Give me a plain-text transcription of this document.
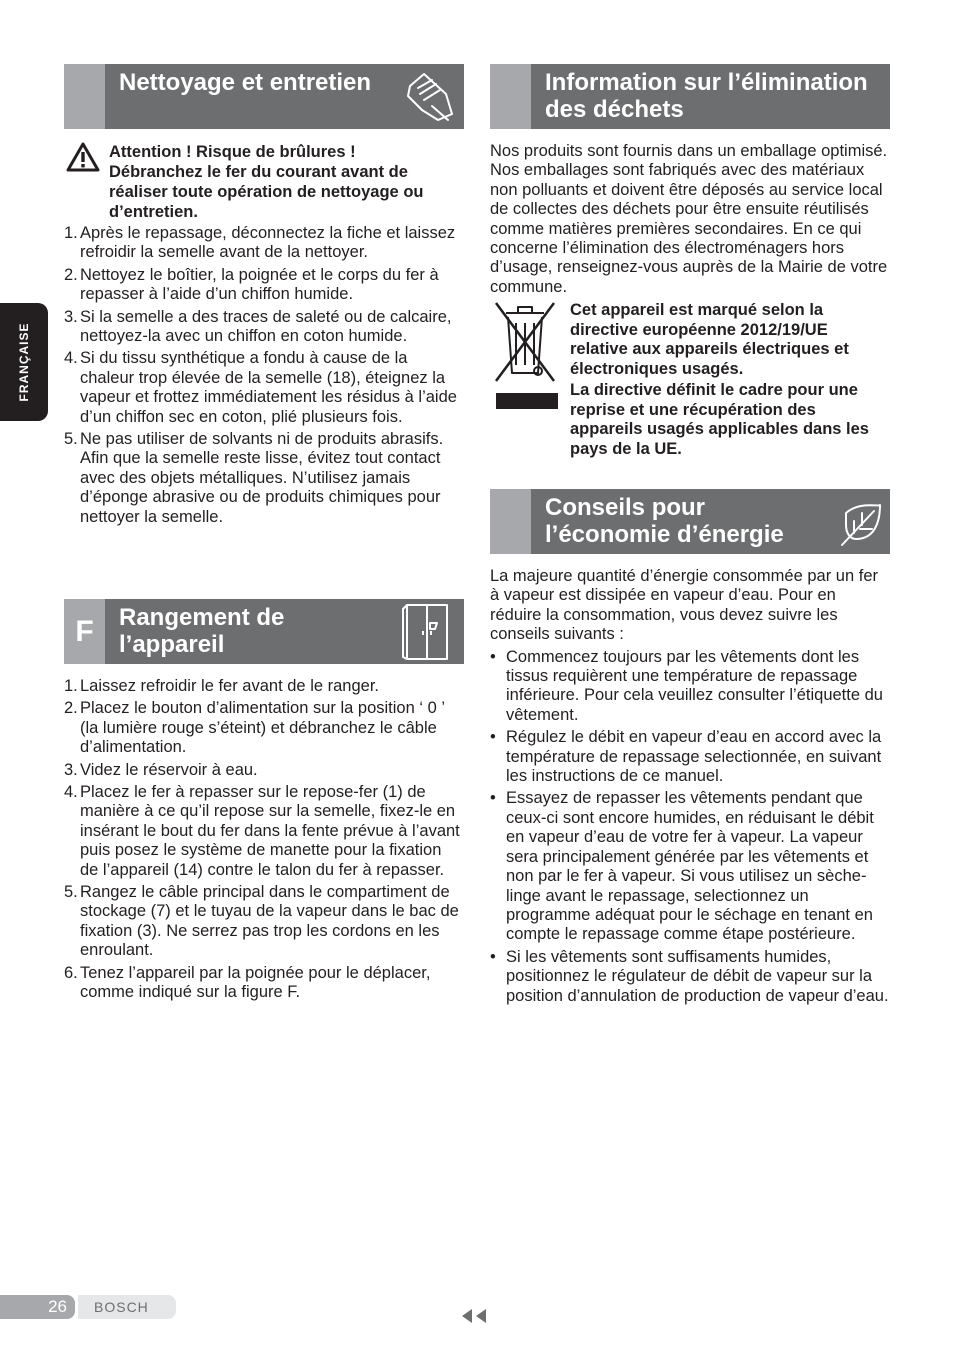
FRANÇAISE
Nettoyage et entretien

Attention ! Risque de brûlures !

Débranchez le fer du courant avant de réaliser toute opération de nettoyage ou d’entretien.

1. Après le repassage, déconnectez la fiche et laissez refroidir la semelle avant de la nettoyer.
2. Nettoyez le boîtier, la poignée et le corps du fer à repasser à l’aide d’un chiffon humide.
3. Si la semelle a des traces de saleté ou de calcaire, nettoyez-la avec un chiffon en coton humide.
4. Si du tissu synthétique a fondu à cause de la chaleur trop élevée de la semelle (18), éteignez la vapeur et frottez immédiatement les résidus à l’aide d’un chiffon sec en coton, plié plusieurs fois.
5. Ne pas utiliser de solvants ni de produits abrasifs. Afin que la semelle reste lisse, évitez tout contact avec des objets métalliques. N’utilisez jamais d’éponge abrasive ou de produits chimiques pour nettoyer la semelle.
F	Rangement de l’appareil
1. Laissez refroidir le fer avant de le ranger.
2. Placez le bouton d’alimentation sur la position ‘ 0 ’ (la lumière rouge s’éteint) et débranchez le câble d’alimentation.
3. Videz le réservoir à eau.
4. Placez le fer à repasser sur le repose-fer (1) de manière à ce qu’il repose sur la semelle, fixez-le en insérant le bout du fer dans la fente prévue à l’avant puis posez le système de manette pour la fixation de l’appareil (14) contre le talon du fer à repasser.
5. Rangez le câble principal dans le compartiment de stockage (7) et le tuyau de la vapeur dans le bac de fixation (3). Ne serrez pas trop les cordons en les enroulant.
6. Tenez l’appareil par la poignée pour le déplacer, comme indiqué sur la figure F.
Information sur l’élimination des déchets

Nos produits sont fournis dans un emballage optimisé. Nos emballages sont fabriqués avec des matériaux non polluants et doivent être déposés au service local de collectes des déchets pour être ensuite réutilisés comme matières premières secondaires. En ce qui concerne l’élimination des électroménagers hors d’usage, renseignez-vous auprès de la Mairie de votre commune.

Cet appareil est marqué selon la directive européenne 2012/19/UE relative aux appareils électriques et électroniques usagés.

La directive définit le cadre pour une reprise et une récupération des appareils usagés applicables dans les pays de la UE.

Conseils pour l’économie d’énergie

La majeure quantité d’énergie consommée par un fer à vapeur est dissipée en vapeur d’eau. Pour en réduire la consommation, vous devez suivre les conseils suivants :

• Commencez toujours par les vêtements dont les tissus requièrent une température de repassage inférieure. Pour cela veuillez consulter l’étiquette du vêtement.
• Régulez le débit en vapeur d’eau en accord avec la température de repassage selectionnée, en suivant les instructions de ce manuel.
• Essayez de repasser les vêtements pendant que ceux-ci sont encore humides, en réduisant le débit en vapeur d’eau de votre fer à vapeur. La vapeur sera principalement générée par les vêtements et non par le fer à vapeur. Si vous utilisez un sèche-linge avant le repassage, selectionnez un programme adéquat pour le séchage en tenant en compte le repassage comme étape postérieure.
• Si les vêtements sont suffisaments humides, positionnez le régulateur de débit de vapeur sur la position d’annulation de production de vapeur d’eau.
26	BOSCH
